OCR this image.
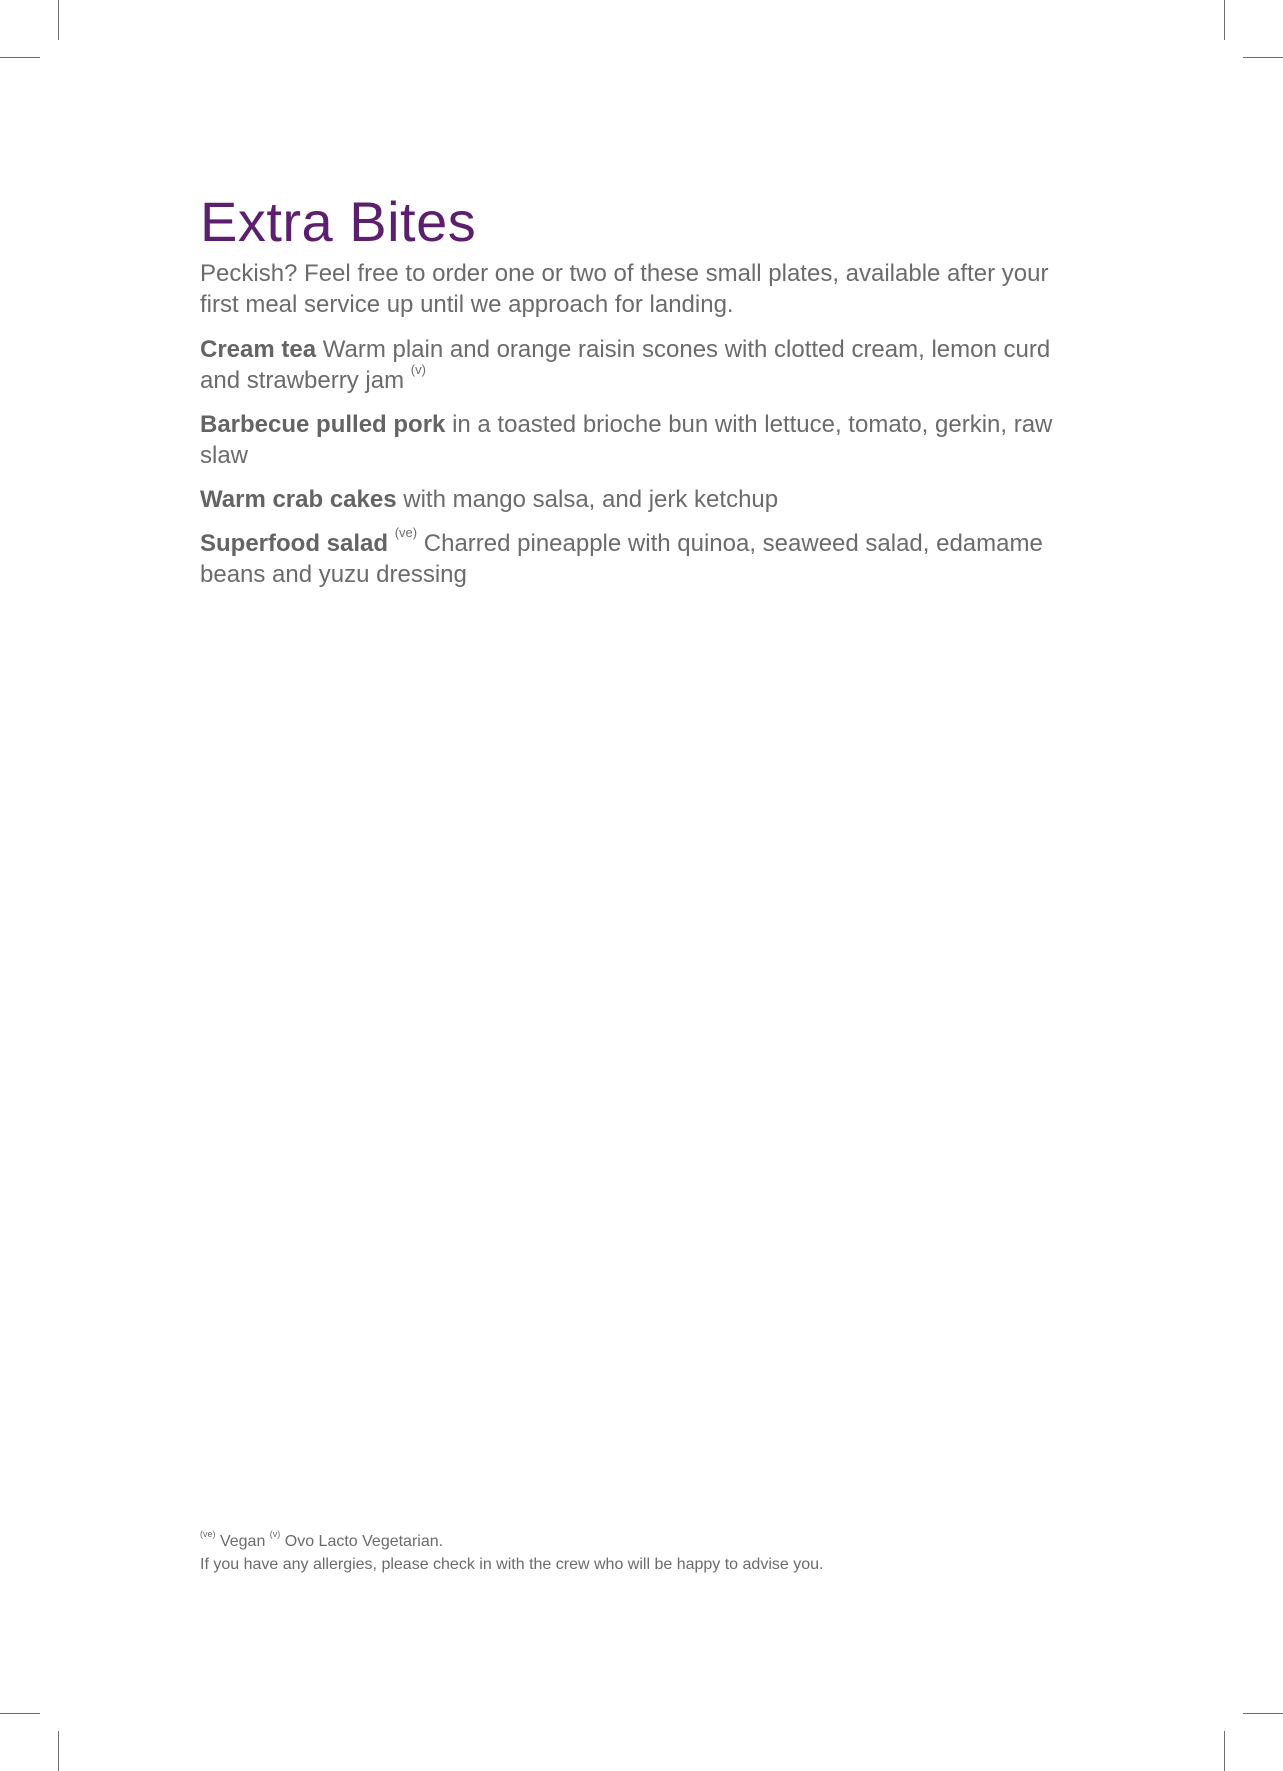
Extra Bites

Peckish? Feel free to order one or two of these small plates, available after your first meal service up until we approach for landing.

Cream tea Warm plain and orange raisin scones with clotted cream, lemon curd and strawberry jam $^{(v)}$

Barbecue pulled pork in a toasted brioche bun with lettuce, tomato, gerkin, raw slaw

Warm crab cakes with mango salsa, and jerk ketchup

Superfood salad $^{(ve)}$ Charred pineapple with quinoa, seaweed salad, edamame beans and yuzu dressing

$^{(ve)}$ Vegan $^{(v)}$ Ovo Lacto Vegetarian.
If you have any allergies, please check in with the crew who will be happy to advise you.
